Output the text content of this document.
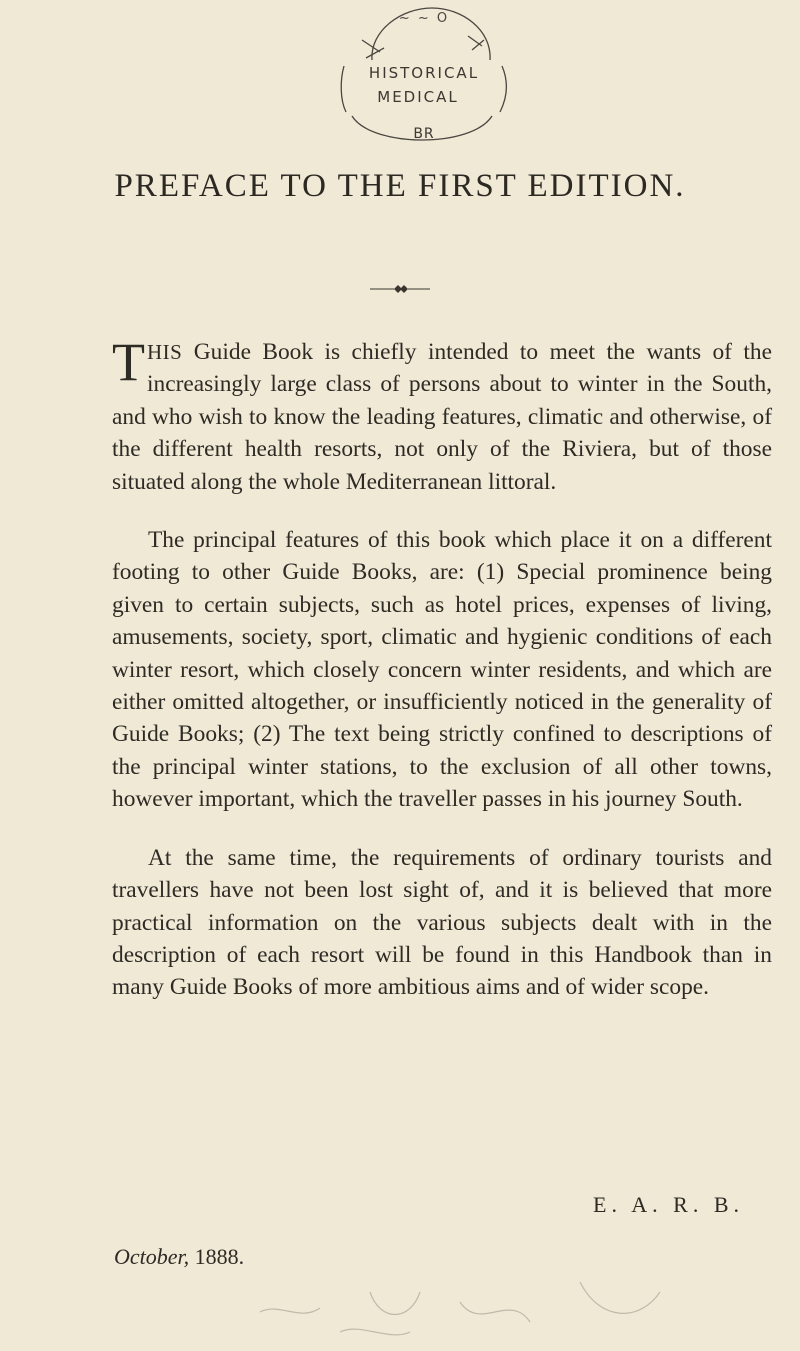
~ ~ O
HISTORICAL
MEDICAL
BR
PREFACE TO THE FIRST EDITION.

THIS Guide Book is chiefly intended to meet the wants of the increasingly large class of persons about to winter in the South, and who wish to know the leading features, climatic and otherwise, of the different health resorts, not only of the Riviera, but of those situated along the whole Mediterranean littoral.

The principal features of this book which place it on a different footing to other Guide Books, are: (1) Special prominence being given to certain subjects, such as hotel prices, expenses of living, amusements, society, sport, climatic and hygienic conditions of each winter resort, which closely concern winter residents, and which are either omitted altogether, or insufficiently noticed in the generality of Guide Books; (2) The text being strictly confined to descriptions of the principal winter stations, to the exclusion of all other towns, however important, which the traveller passes in his journey South.

At the same time, the requirements of ordinary tourists and travellers have not been lost sight of, and it is believed that more practical information on the various subjects dealt with in the description of each resort will be found in this Handbook than in many Guide Books of more ambitious aims and of wider scope.

E. A. R. B.
October, 1888.
